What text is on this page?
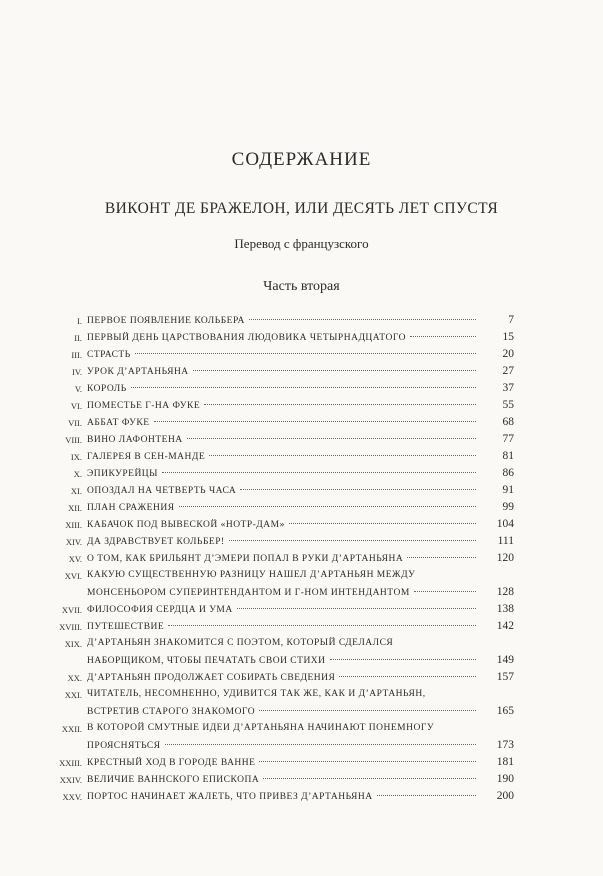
СОДЕРЖАНИЕ
ВИКОНТ ДЕ БРАЖЕЛОН, ИЛИ ДЕСЯТЬ ЛЕТ СПУСТЯ
Перевод с французского
Часть вторая
I. ПЕРВОЕ ПОЯВЛЕНИЕ КОЛЬБЕРА	7
II. ПЕРВЫЙ ДЕНЬ ЦАРСТВОВАНИЯ ЛЮДОВИКА ЧЕТЫРНАДЦАТОГО	15
III. СТРАСТЬ	20
IV. УРОК Д’АРТАНЬЯНА	27
V. КОРОЛЬ	37
VI. ПОМЕСТЬЕ Г-НА ФУКЕ	55
VII. АББАТ ФУКЕ	68
VIII. ВИНО ЛАФОНТЕНА	77
IX. ГАЛЕРЕЯ В СЕН-МАНДЕ	81
X. ЭПИКУРЕЙЦЫ	86
XI. ОПОЗДАЛ НА ЧЕТВЕРТЬ ЧАСА	91
XII. ПЛАН СРАЖЕНИЯ	99
XIII. КАБАЧОК ПОД ВЫВЕСКОЙ «НОТР-ДАМ»	104
XIV. ДА ЗДРАВСТВУЕТ КОЛЬБЕР!	111
XV. О ТОМ, КАК БРИЛЬЯНТ Д’ЭМЕРИ ПОПАЛ В РУКИ Д’АРТАНЬЯНА	120
XVI. КАКУЮ СУЩЕСТВЕННУЮ РАЗНИЦУ НАШЕЛ Д’АРТАНЬЯН МЕЖДУ
МОНСЕНЬОРОМ СУПЕРИНТЕНДАНТОМ И Г-НОМ ИНТЕНДАНТОМ	128
XVII. ФИЛОСОФИЯ СЕРДЦА И УМА	138
XVIII. ПУТЕШЕСТВИЕ	142
XIX. Д’АРТАНЬЯН ЗНАКОМИТСЯ С ПОЭТОМ, КОТОРЫЙ СДЕЛАЛСЯ
НАБОРЩИКОМ, ЧТОБЫ ПЕЧАТАТЬ СВОИ СТИХИ	149
XX. Д’АРТАНЬЯН ПРОДОЛЖАЕТ СОБИРАТЬ СВЕДЕНИЯ	157
XXI. ЧИТАТЕЛЬ, НЕСОМНЕННО, УДИВИТСЯ ТАК ЖЕ, КАК И Д’АРТАНЬЯН,
ВСТРЕТИВ СТАРОГО ЗНАКОМОГО	165
XXII. В КОТОРОЙ СМУТНЫЕ ИДЕИ Д’АРТАНЬЯНА НАЧИНАЮТ ПОНЕМНОГУ
ПРОЯСНЯТЬСЯ	173
XXIII. КРЕСТНЫЙ ХОД В ГОРОДЕ ВАННЕ	181
XXIV. ВЕЛИЧИЕ ВАННСКОГО ЕПИСКОПА	190
XXV. ПОРТОС НАЧИНАЕТ ЖАЛЕТЬ, ЧТО ПРИВЕЗ Д’АРТАНЬЯНА	200
